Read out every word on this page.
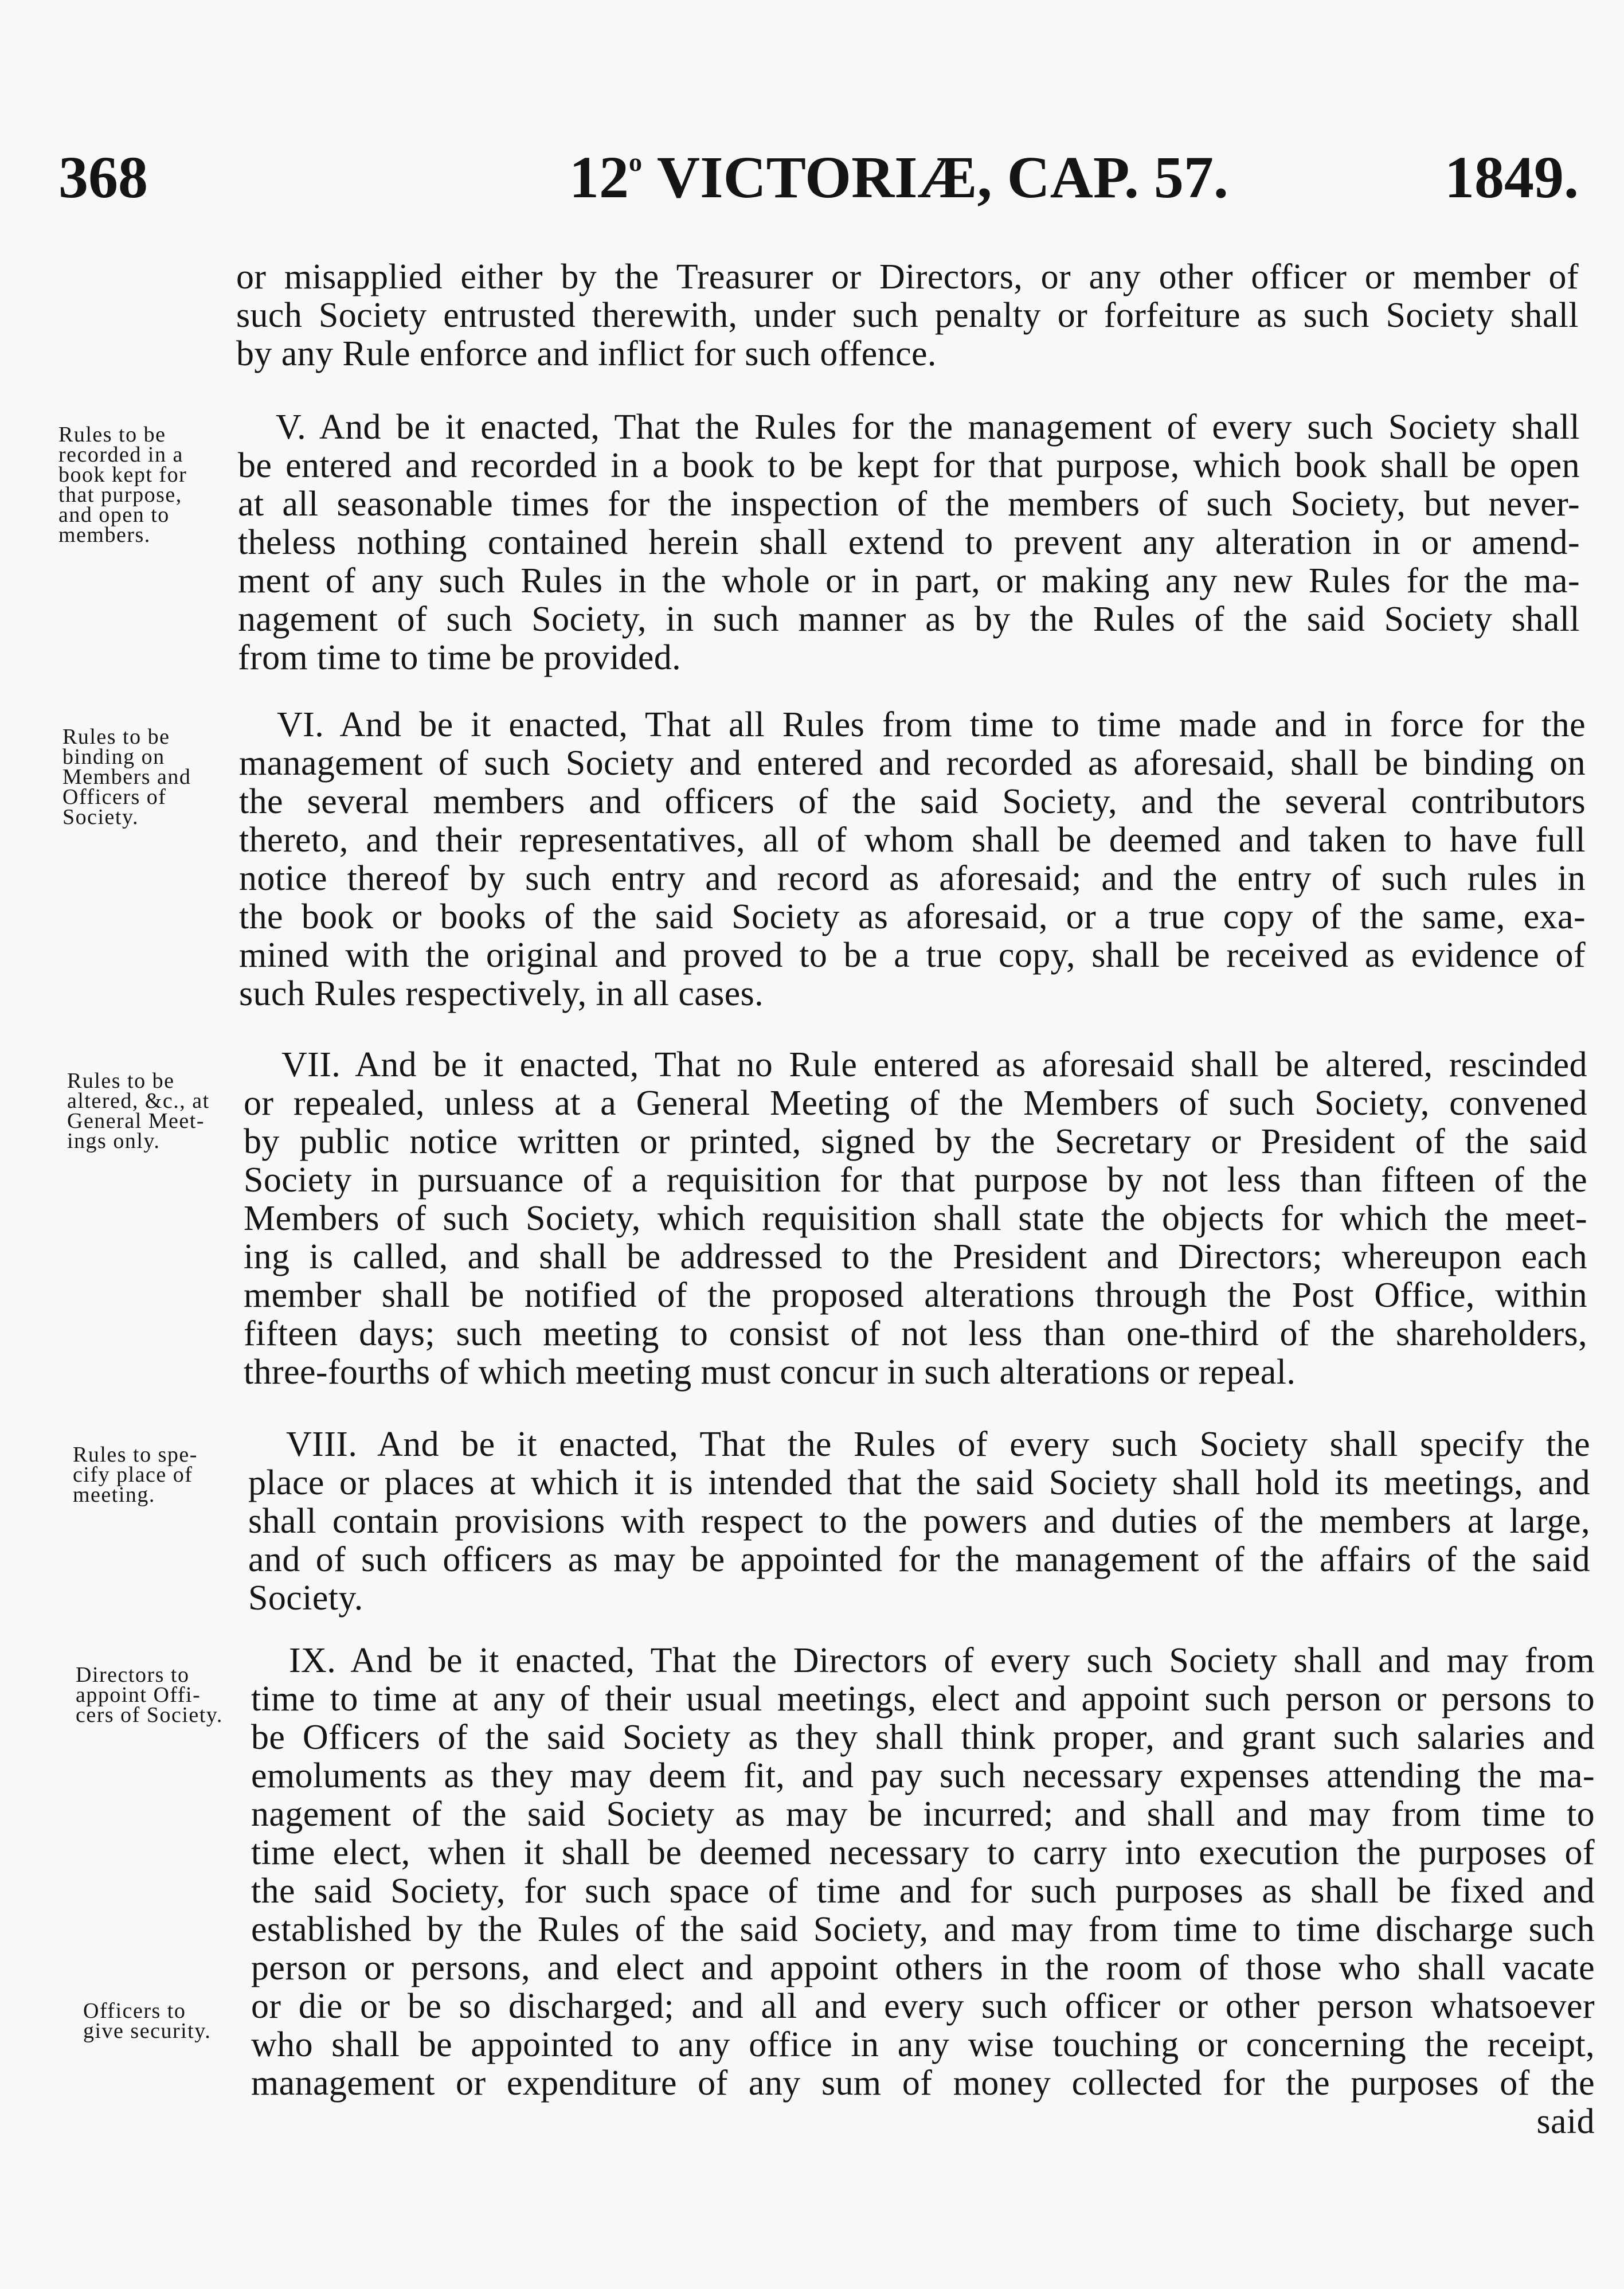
368	12$^o$ VICTORIÆ, CAP. 57.	1849.
or misapplied either by the Treasurer or Directors, or any other officer or member of
such Society entrusted therewith, under such penalty or forfeiture as such Society shall
by any Rule enforce and inflict for such offence.
Rules to be
recorded in a
book kept for
that purpose,
and open to
members.
V. And be it enacted, That the Rules for the management of every such Society shall
be entered and recorded in a book to be kept for that purpose, which book shall be open
at all seasonable times for the inspection of the members of such Society, but never-
theless nothing contained herein shall extend to prevent any alteration in or amend-
ment of any such Rules in the whole or in part, or making any new Rules for the ma-
nagement of such Society, in such manner as by the Rules of the said Society shall
from time to time be provided.
Rules to be
binding on
Members and
Officers of
Society.
VI. And be it enacted, That all Rules from time to time made and in force for the
management of such Society and entered and recorded as aforesaid, shall be binding on
the several members and officers of the said Society, and the several contributors
thereto, and their representatives, all of whom shall be deemed and taken to have full
notice thereof by such entry and record as aforesaid; and the entry of such rules in
the book or books of the said Society as aforesaid, or a true copy of the same, exa-
mined with the original and proved to be a true copy, shall be received as evidence of
such Rules respectively, in all cases.
Rules to be
altered, &c., at
General Meet-
ings only.
VII. And be it enacted, That no Rule entered as aforesaid shall be altered, rescinded
or repealed, unless at a General Meeting of the Members of such Society, convened
by public notice written or printed, signed by the Secretary or President of the said
Society in pursuance of a requisition for that purpose by not less than fifteen of the
Members of such Society, which requisition shall state the objects for which the meet-
ing is called, and shall be addressed to the President and Directors; whereupon each
member shall be notified of the proposed alterations through the Post Office, within
fifteen days; such meeting to consist of not less than one-third of the shareholders,
three-fourths of which meeting must concur in such alterations or repeal.
Rules to spe-
cify place of
meeting.
VIII. And be it enacted, That the Rules of every such Society shall specify the
place or places at which it is intended that the said Society shall hold its meetings, and
shall contain provisions with respect to the powers and duties of the members at large,
and of such officers as may be appointed for the management of the affairs of the said
Society.
Directors to
appoint Offi-
cers of Society.
Officers to
give security.
IX. And be it enacted, That the Directors of every such Society shall and may from
time to time at any of their usual meetings, elect and appoint such person or persons to
be Officers of the said Society as they shall think proper, and grant such salaries and
emoluments as they may deem fit, and pay such necessary expenses attending the ma-
nagement of the said Society as may be incurred; and shall and may from time to
time elect, when it shall be deemed necessary to carry into execution the purposes of
the said Society, for such space of time and for such purposes as shall be fixed and
established by the Rules of the said Society, and may from time to time discharge such
person or persons, and elect and appoint others in the room of those who shall vacate
or die or be so discharged; and all and every such officer or other person whatsoever
who shall be appointed to any office in any wise touching or concerning the receipt,
management or expenditure of any sum of money collected for the purposes of the
said
